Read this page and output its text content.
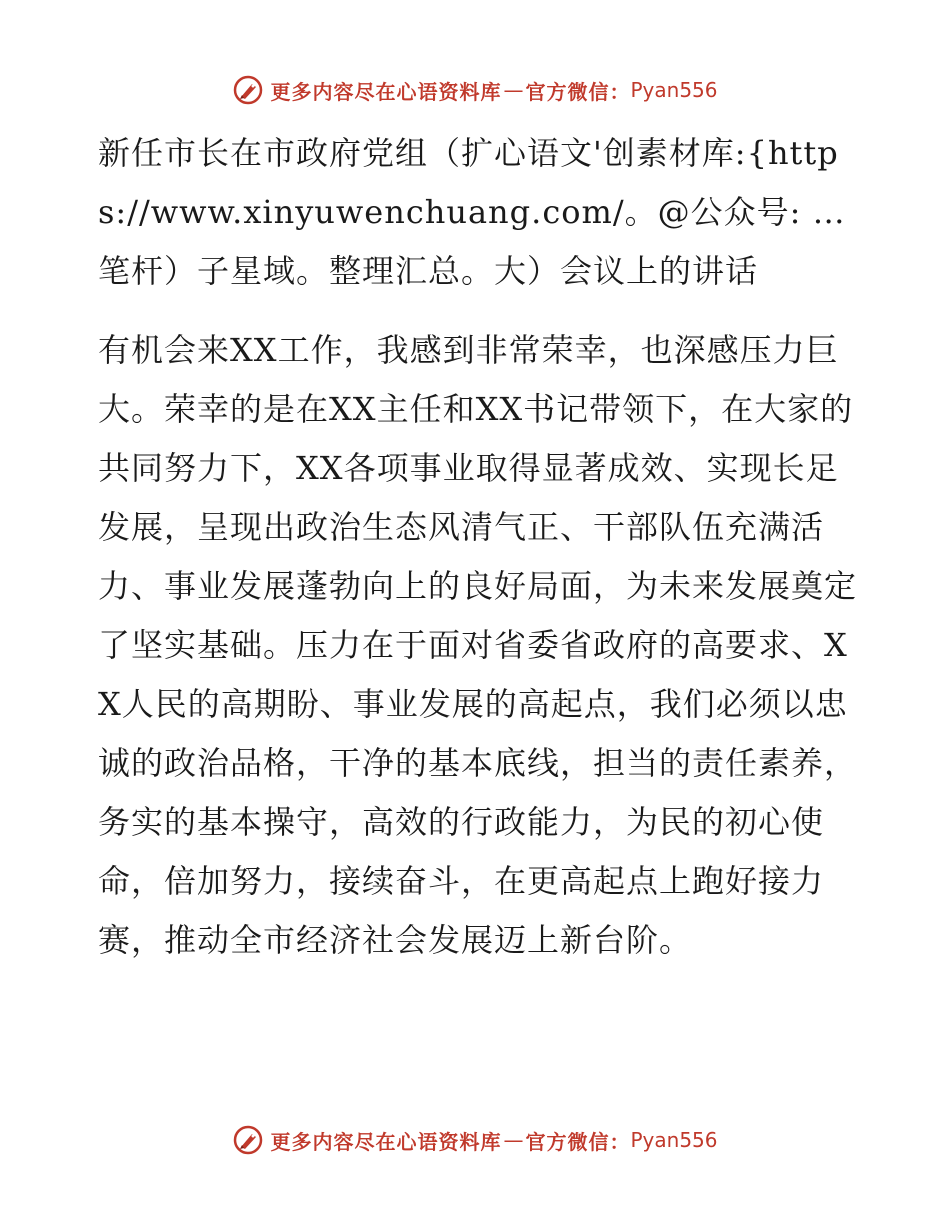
更多内容尽在心语资料库 — 官方微信： Pyan556

新任市长在市政府党组（扩心语文'创素材库:{https://www.xinyuwenchuang.com/。@公众号: …笔杆）子星域。整理汇总。大）会议上的讲话

有机会来XX工作，我感到非常荣幸，也深感压力巨大。荣幸的是在XX主任和XX书记带领下，在大家的共同努力下，XX各项事业取得显著成效、实现长足发展，呈现出政治生态风清气正、干部队伍充满活力、事业发展蓬勃向上的良好局面，为未来发展奠定了坚实基础。压力在于面对省委省政府的高要求、XX人民的高期盼、事业发展的高起点，我们必须以忠诚的政治品格，干净的基本底线，担当的责任素养，务实的基本操守，高效的行政能力，为民的初心使命，倍加努力，接续奋斗，在更高起点上跑好接力赛，推动全市经济社会发展迈上新台阶。

更多内容尽在心语资料库 — 官方微信： Pyan556
